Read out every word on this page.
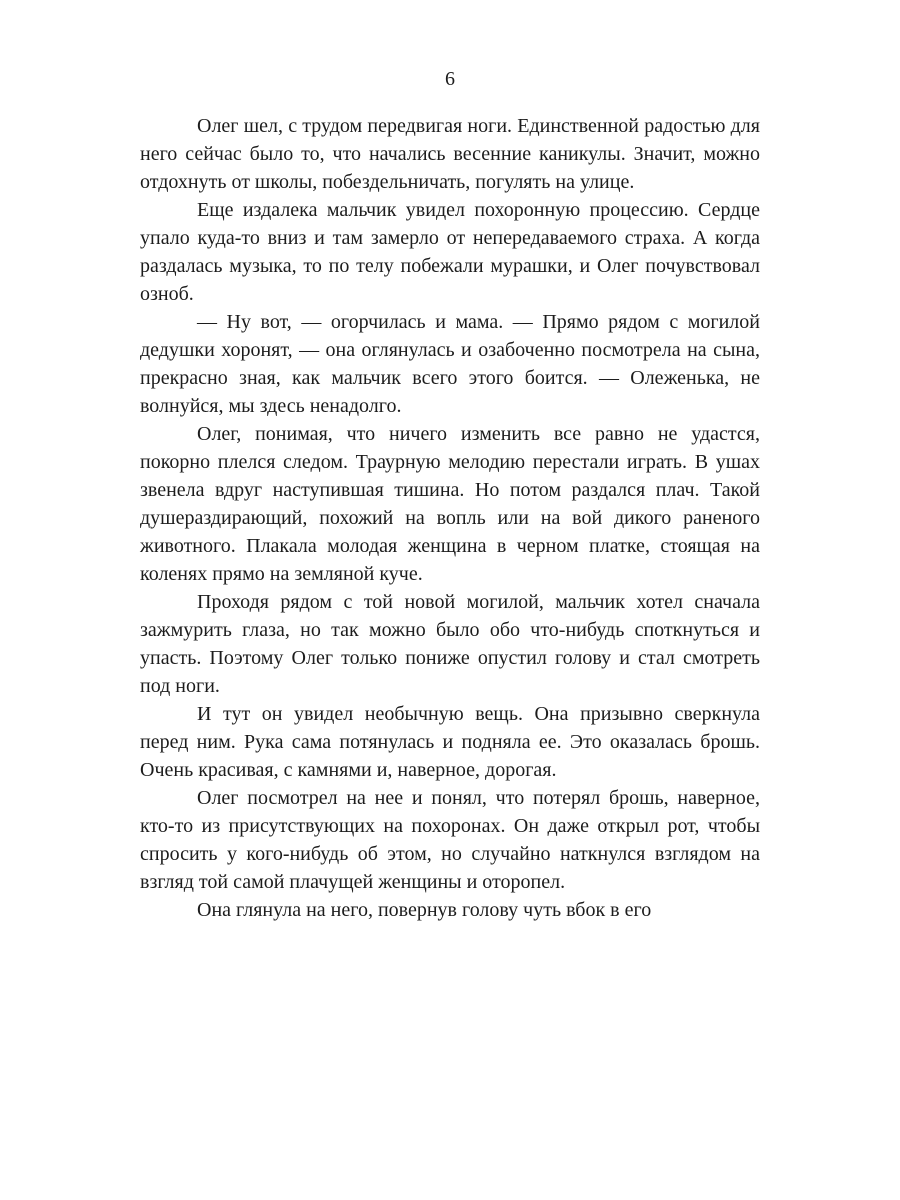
6

Олег шел, с трудом передвигая ноги. Единственной радостью для него сейчас было то, что начались весенние каникулы. Значит, можно отдохнуть от школы, побездельничать, погулять на улице.

Еще издалека мальчик увидел похоронную процессию. Сердце упало куда-то вниз и там замерло от непередаваемого страха. А когда раздалась музыка, то по телу побежали мурашки, и Олег почувствовал озноб.

— Ну вот, — огорчилась и мама. — Прямо рядом с могилой дедушки хоронят, — она оглянулась и озабоченно посмотрела на сына, прекрасно зная, как мальчик всего этого боится. — Олеженька, не волнуйся, мы здесь ненадолго.

Олег, понимая, что ничего изменить все равно не удастся, покорно плелся следом. Траурную мелодию перестали играть. В ушах звенела вдруг наступившая тишина. Но потом раздался плач. Такой душераздирающий, похожий на вопль или на вой дикого раненого животного. Плакала молодая женщина в черном платке, стоящая на коленях прямо на земляной куче.

Проходя рядом с той новой могилой, мальчик хотел сначала зажмурить глаза, но так можно было обо что-нибудь споткнуться и упасть. Поэтому Олег только пониже опустил голову и стал смотреть под ноги.

И тут он увидел необычную вещь. Она призывно сверкнула перед ним. Рука сама потянулась и подняла ее. Это оказалась брошь. Очень красивая, с камнями и, наверное, дорогая.

Олег посмотрел на нее и понял, что потерял брошь, наверное, кто-то из присутствующих на похоронах. Он даже открыл рот, чтобы спросить у кого-нибудь об этом, но случайно наткнулся взглядом на взгляд той самой плачущей женщины и оторопел.

Она глянула на него, повернув голову чуть вбок в его
